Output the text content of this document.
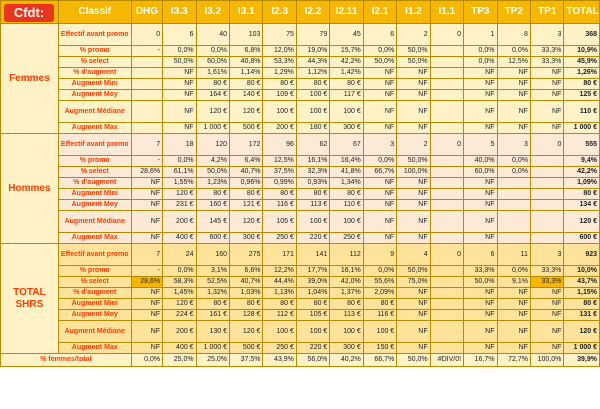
Cfdt:	Classif	DHG	I3.3	I3.2	I3.1	I2.3	I2.2	I2.11	I2.1	I1.2	I1.1	TP3	TP2	TP1	TOTAL
Femmes	Effectif avant promo	0	6	40	103	75	79	45	6	2	0	1	8	3	368
	% promo	-	0,0%	0,0%	6,8%	12,0%	19,0%	15,7%	0,0%	50,0%		0,0%	0,0%	33,3%	10,9%
	% select		50,0%	60,0%	40,8%	53,3%	44,3%	42,2%	50,0%	50,0%		0,0%	12,5%	33,3%	45,9%
	% d'augment		NF	1,61%	1,14%	1,29%	1,12%	1,42%	NF	NF		NF	NF	NF	1,26%
	Augment Mini		NF	80 €	80 €	80 €	80 €	80 €	NF	NF		NF	NF	NF	80 €
	Augment Moy		NF	164 €	140 €	109 €	100 €	117 €	NF	NF		NF	NF	NF	125 €
	Augment Médiane		NF	120 €	120 €	100 €	100 €	100 €	NF	NF		NF	NF	NF	110 €
	Augment Max		NF	1 000 €	500 €	200 €	180 €	300 €	NF	NF		NF	NF	NF	1 000 €
Hommes	Effectif avant promo	7	18	120	172	96	62	67	3	2	0	5	3	0	555
	% promo	-	0,0%	4,2%	6,4%	12,5%	16,1%	16,4%	0,0%	50,0%		40,0%	0,0%		9,4%
	% select	28,6%	61,1%	50,0%	40,7%	37,5%	32,3%	41,8%	66,7%	100,0%		60,0%	0,0%		42,2%
	% d'augment	NF	1,55%	1,23%	0,96%	0,99%	0,93%	1,34%	NF	NF		NF			1,09%
	Augment Mini	NF	120 €	80 €	80 €	80 €	80 €	80 €	NF	NF		NF			80 €
	Augment Moy	NF	231 €	160 €	121 €	116 €	113 €	110 €	NF	NF		NF			134 €
	Augment Médiane	NF	200 €	145 €	120 €	105 €	100 €	100 €	NF	NF		NF			120 €
	Augment Max	NF	400 €	600 €	300 €	250 €	220 €	250 €	NF	NF		NF			600 €
TOTAL SHRS	Effectif avant promo	7	24	160	275	171	141	112	9	4	0	6	11	3	923
	% promo	-	0,0%	3,1%	6,6%	12,2%	17,7%	16,1%	0,0%	50,0%		33,3%	0,0%	33,3%	10,0%
	% select	28,6%	58,3%	52,5%	40,7%	44,4%	39,0%	42,0%	55,6%	75,0%		50,0%	9,1%	33,3%	43,7%
	% d'augment	NF	1,45%	1,32%	1,03%	1,13%	1,04%	1,37%	2,09%	NF		NF	NF	NF	1,15%
	Augment Mini	NF	120 €	80 €	80 €	80 €	80 €	80 €	80 €	NF		NF	NF	NF	80 €
	Augment Moy	NF	224 €	161 €	128 €	112 €	105 €	113 €	116 €	NF		NF	NF	NF	131 €
	Augment Médiane	NF	200 €	130 €	120 €	100 €	100 €	100 €	100 €	NF		NF	NF	NF	120 €
	Augment Max	NF	400 €	1 000 €	500 €	250 €	220 €	300 €	150 €	NF		NF	NF	NF	1 000 €
% femmes/total		0,0%	25,0%	25,0%	37,5%	43,9%	56,0%	40,2%	66,7%	50,0%	#DIV/0!	16,7%	72,7%	100,0%	39,9%
